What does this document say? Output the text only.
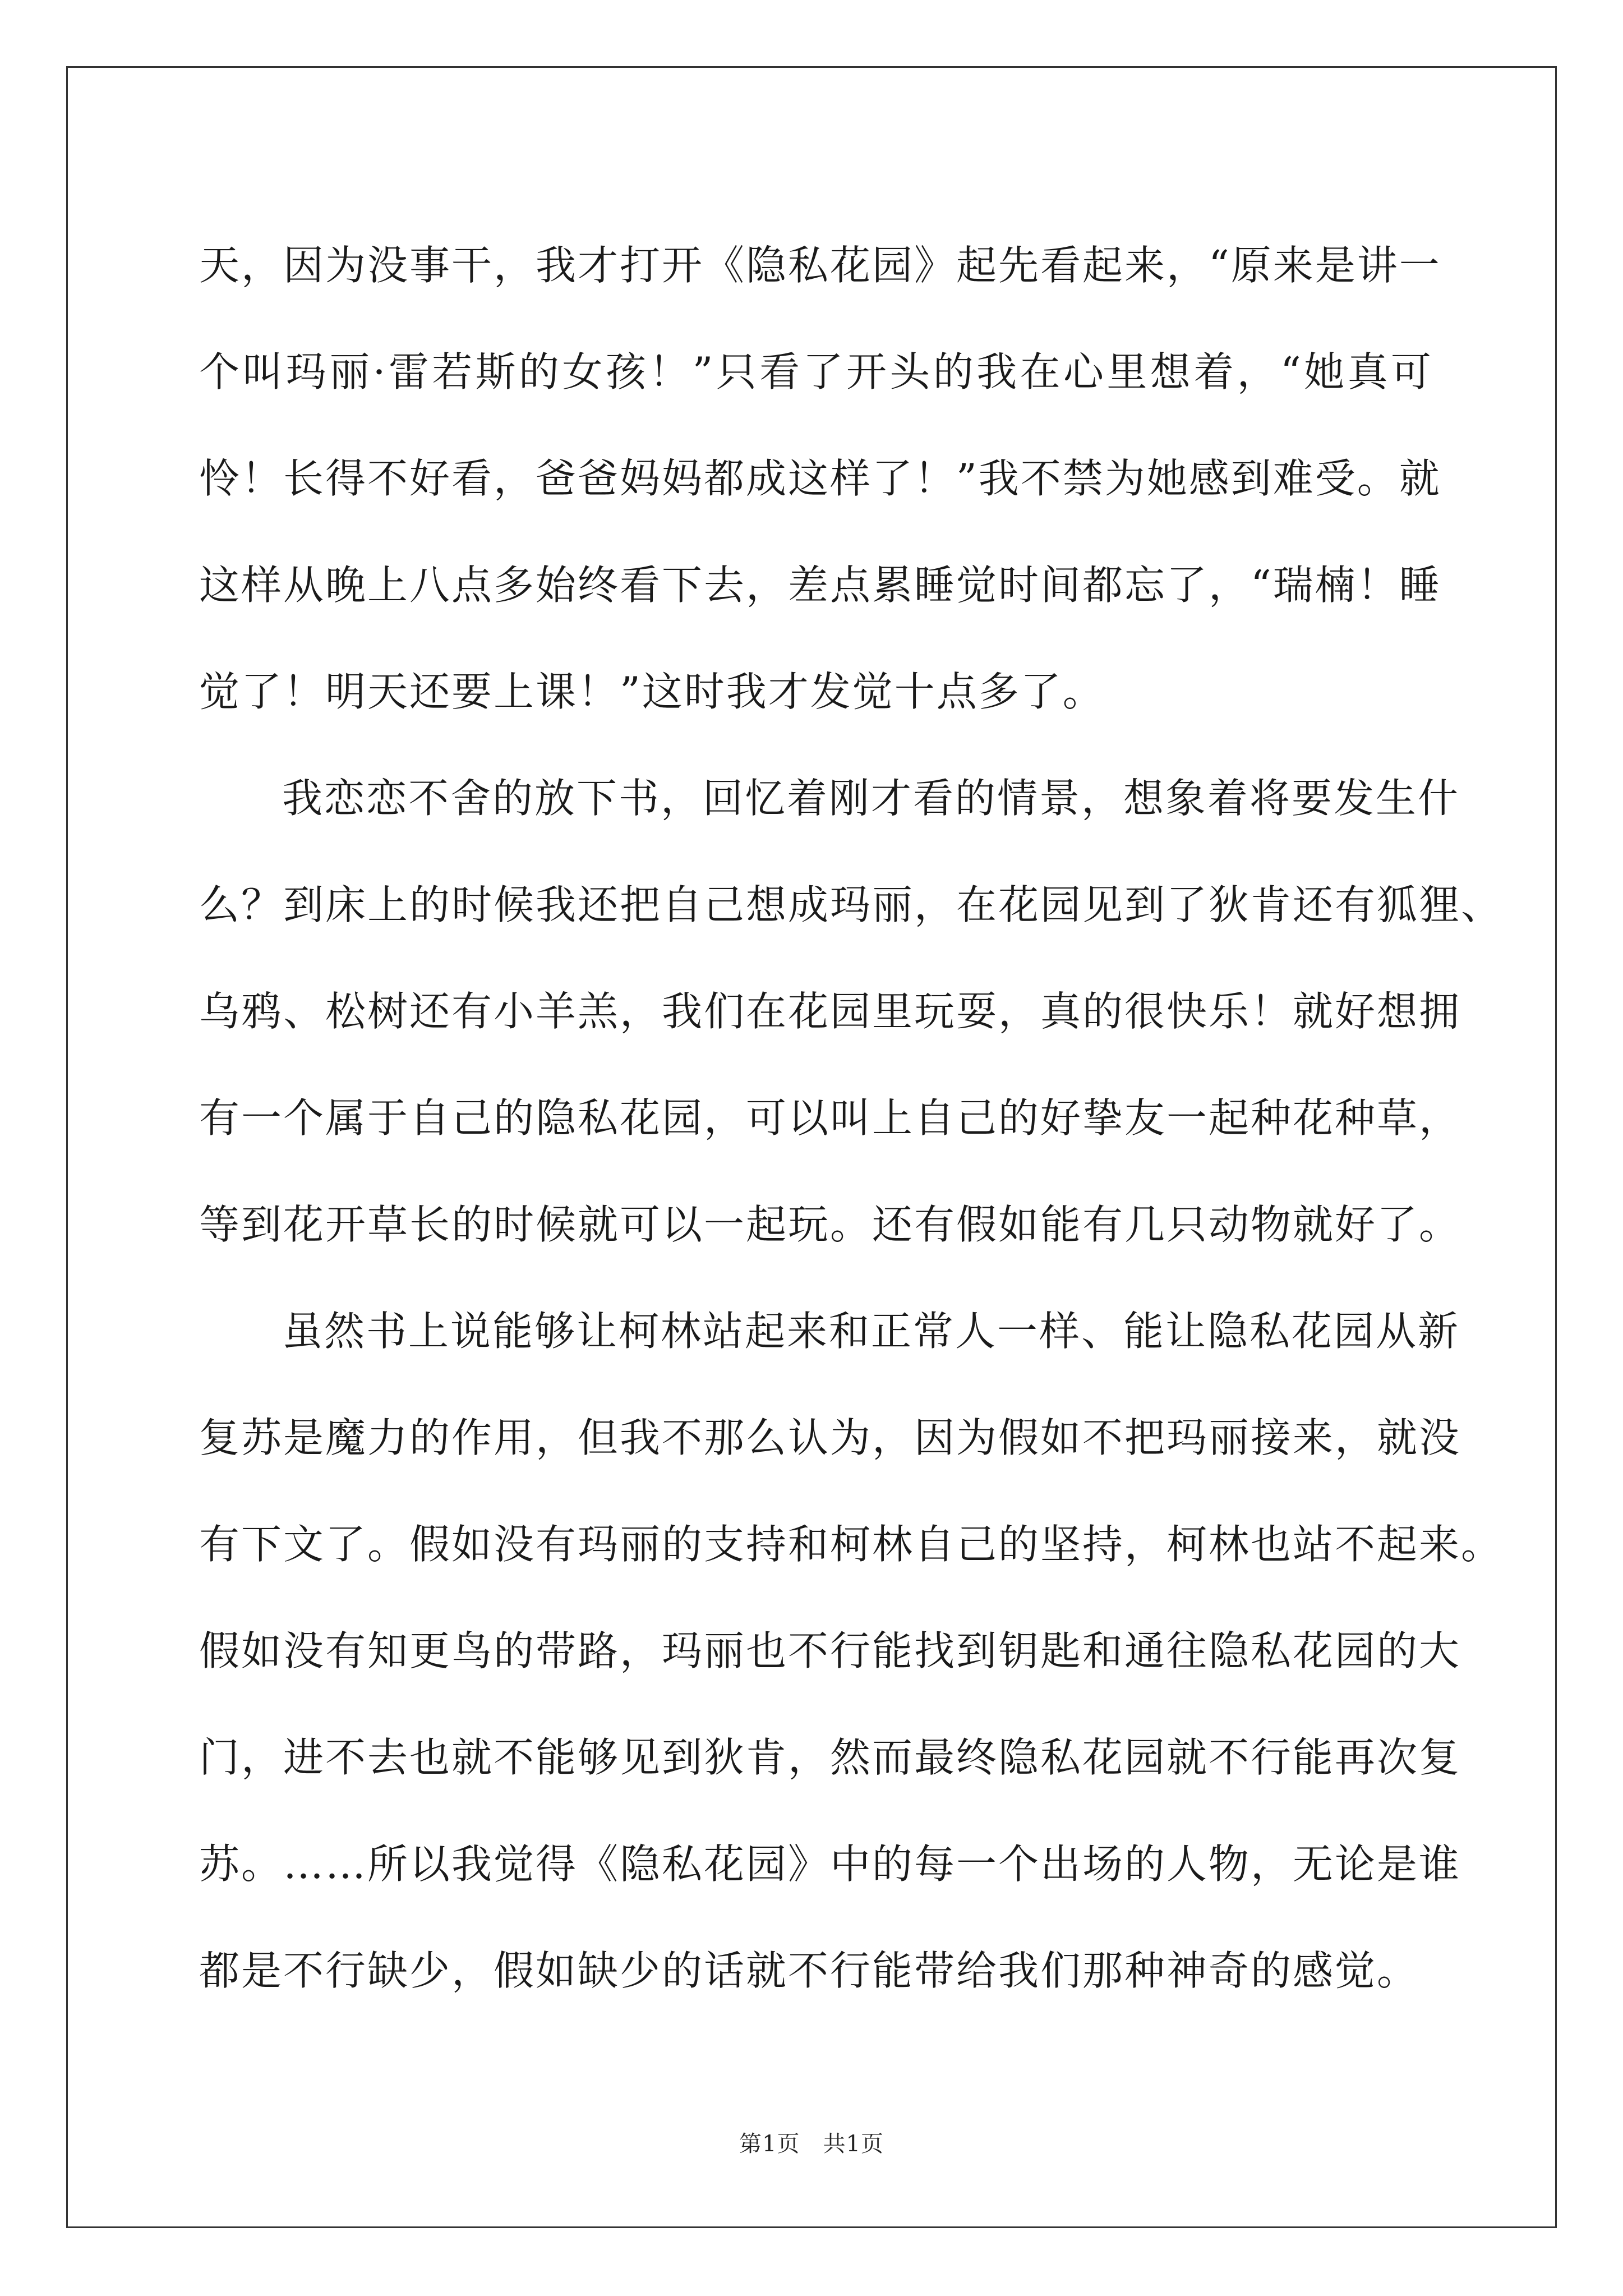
天，因为没事干，我才打开《隐私花园》起先看起来，“原来是讲一
个叫玛丽·雷若斯的女孩！”只看了开头的我在心里想着，“她真可
怜！长得不好看，爸爸妈妈都成这样了！”我不禁为她感到难受。就
这样从晚上八点多始终看下去，差点累睡觉时间都忘了，“瑞楠！睡
觉了！明天还要上课！”这时我才发觉十点多了。
我恋恋不舍的放下书，回忆着刚才看的情景，想象着将要发生什
么？到床上的时候我还把自己想成玛丽，在花园见到了狄肯还有狐狸、
乌鸦、松树还有小羊羔，我们在花园里玩耍，真的很快乐！就好想拥
有一个属于自己的隐私花园，可以叫上自己的好挚友一起种花种草，
等到花开草长的时候就可以一起玩。还有假如能有几只动物就好了。
虽然书上说能够让柯林站起来和正常人一样、能让隐私花园从新
复苏是魔力的作用，但我不那么认为，因为假如不把玛丽接来，就没
有下文了。假如没有玛丽的支持和柯林自己的坚持，柯林也站不起来。
假如没有知更鸟的带路，玛丽也不行能找到钥匙和通往隐私花园的大
门，进不去也就不能够见到狄肯，然而最终隐私花园就不行能再次复
苏。……所以我觉得《隐私花园》中的每一个出场的人物，无论是谁
都是不行缺少，假如缺少的话就不行能带给我们那种神奇的感觉。
第1页　共1页
